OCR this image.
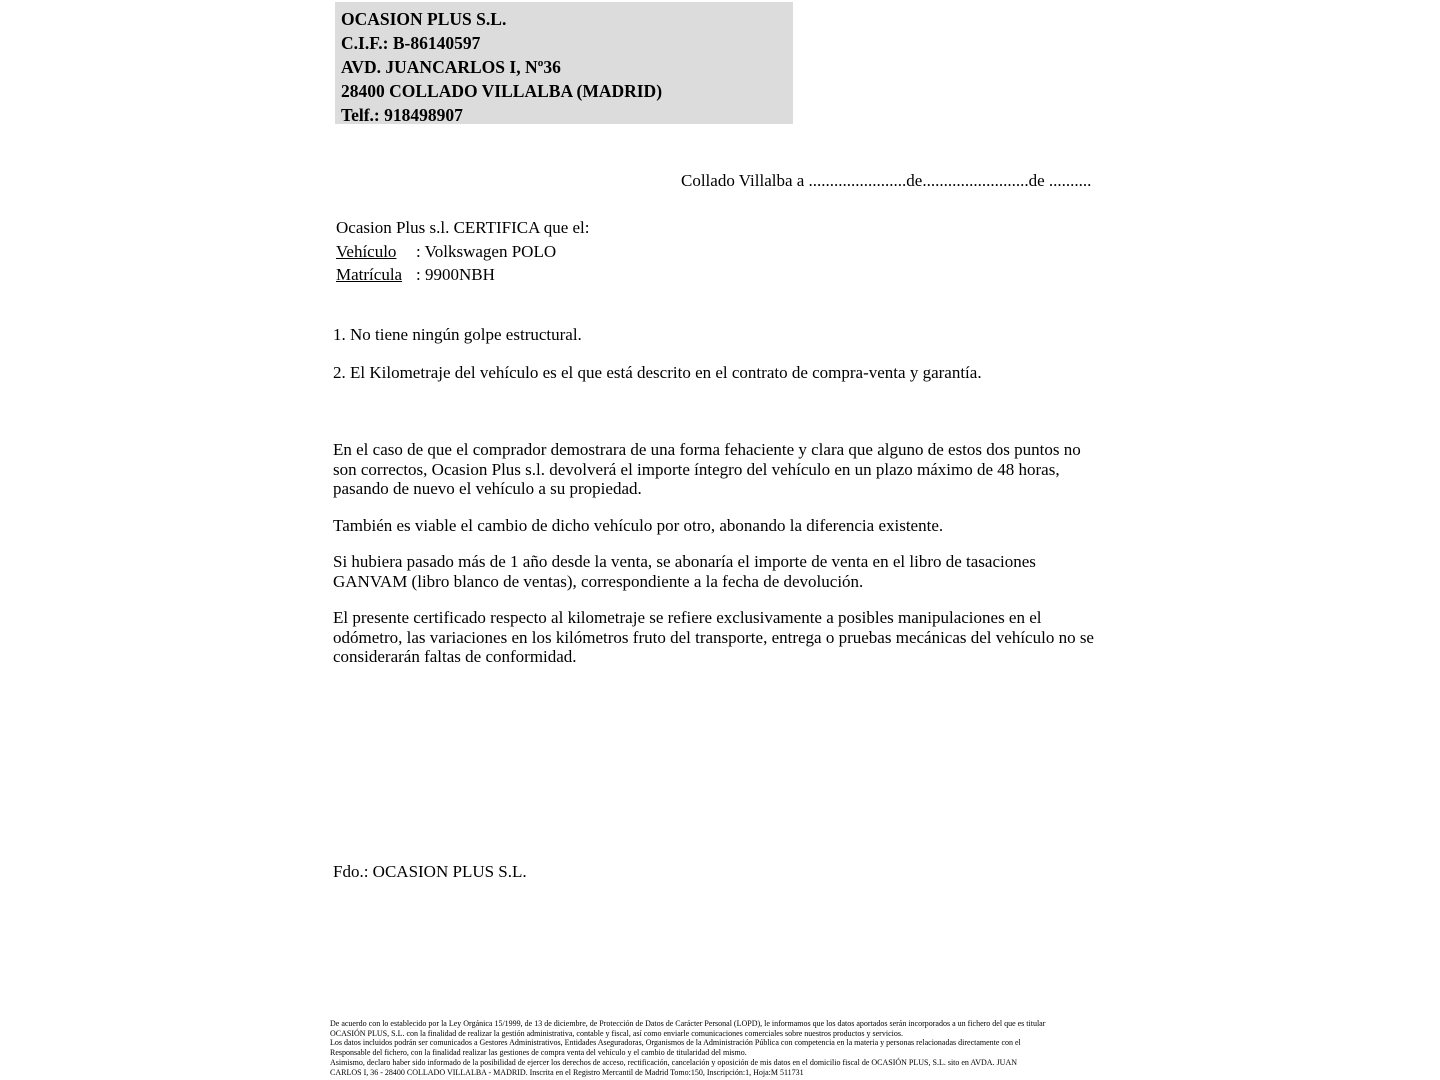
OCASION PLUS S.L.
C.I.F.: B-86140597
AVD. JUANCARLOS I, Nº36
28400 COLLADO VILLALBA (MADRID)
Telf.: 918498907
Collado Villalba a .......................de.........................de ..........
Ocasion Plus s.l. CERTIFICA que el:
Vehículo : Volkswagen POLO
Matrícula : 9900NBH
1. No tiene ningún golpe estructural.
2. El Kilometraje del vehículo es el que está descrito en el contrato de compra-venta y garantía.

En el caso de que el comprador demostrara de una forma fehaciente y clara que alguno de estos dos puntos no son correctos, Ocasion Plus s.l. devolverá el importe íntegro del vehículo en un plazo máximo de 48 horas, pasando de nuevo el vehículo a su propiedad.

También es viable el cambio de dicho vehículo por otro, abonando la diferencia existente.

Si hubiera pasado más de 1 año desde la venta, se abonaría el importe de venta en el libro de tasaciones GANVAM (libro blanco de ventas), correspondiente a la fecha de devolución.

El presente certificado respecto al kilometraje se refiere exclusivamente a posibles manipulaciones en el odómetro, las variaciones en los kilómetros fruto del transporte, entrega o pruebas mecánicas del vehículo no se considerarán faltas de conformidad.

Fdo.: OCASION PLUS S.L.
De acuerdo con lo establecido por la Ley Orgánica 15/1999, de 13 de diciembre, de Protección de Datos de Carácter Personal (LOPD), le informamos que los datos aportados serán incorporados a un fichero del que es titular
OCASIÓN PLUS, S.L. con la finalidad de realizar la gestión administrativa, contable y fiscal, así como enviarle comunicaciones comerciales sobre nuestros productos y servicios.
Los datos incluidos podrán ser comunicados a Gestores Administrativos, Entidades Aseguradoras, Organismos de la Administración Pública con competencia en la materia y personas relacionadas directamente con el
Responsable del fichero, con la finalidad realizar las gestiones de compra venta del vehículo y el cambio de titularidad del mismo.
Asimismo, declaro haber sido informado de la posibilidad de ejercer los derechos de acceso, rectificación, cancelación y oposición de mis datos en el domicilio fiscal de OCASIÓN PLUS, S.L. sito en AVDA. JUAN
CARLOS I, 36 - 28400 COLLADO VILLALBA - MADRID. Inscrita en el Registro Mercantil de Madrid Tomo:150, Inscripción:1, Hoja:M 511731
